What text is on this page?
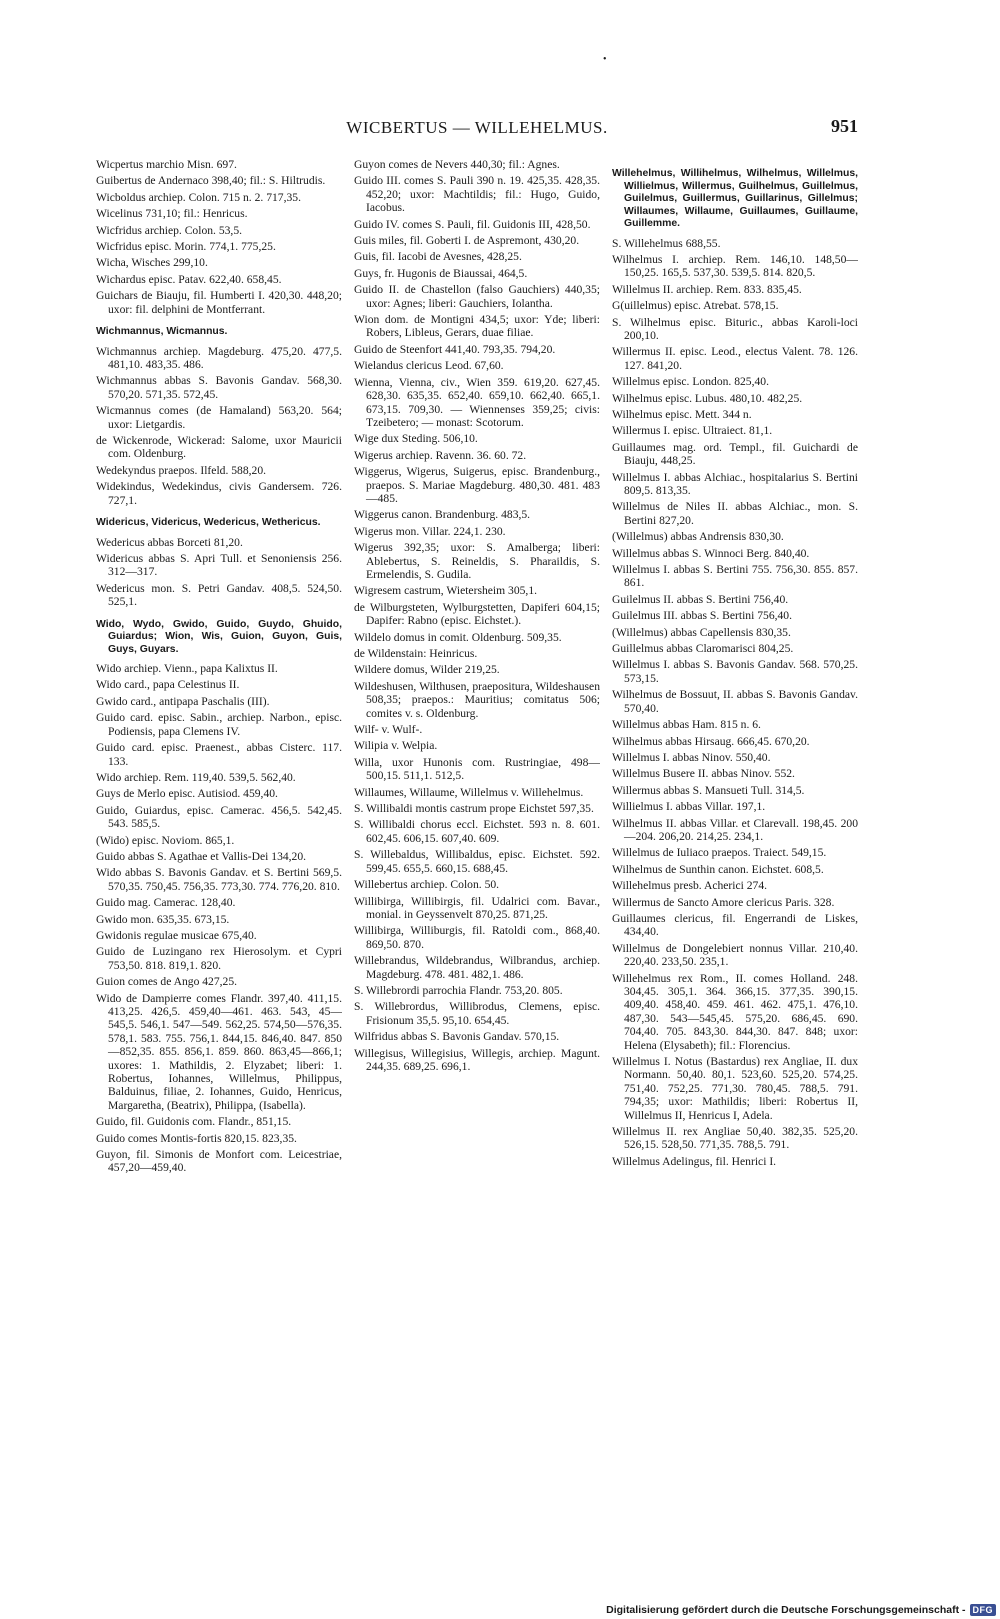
•
WICBERTUS — WILLEHELMUS.	951
Wicpertus marchio Misn. 697.
Guibertus de Andernaco 398,40; fil.: S. Hiltrudis.
Wicboldus archiep. Colon. 715 n. 2. 717,35.
Wicelinus 731,10; fil.: Henricus.
Wicfridus archiep. Colon. 53,5.
Wicfridus episc. Morin. 774,1. 775,25.
Wicha, Wisches 299,10.
Wichardus episc. Patav. 622,40. 658,45.
Guichars de Biauju, fil. Humberti I. 420,30. 448,20; uxor: fil. delphini de Montferrant.
Wichmannus, Wicmannus.
Wichmannus archiep. Magdeburg. 475,20. 477,5. 481,10. 483,35. 486.
Wichmannus abbas S. Bavonis Gandav. 568,30. 570,20. 571,35. 572,45.
Wicmannus comes (de Hamaland) 563,20. 564; uxor: Lietgardis.
de Wickenrode, Wickerad: Salome, uxor Mauricii com. Oldenburg.
Wedekyndus praepos. Ilfeld. 588,20.
Widekindus, Wedekindus, civis Gandersem. 726. 727,1.
Widericus, Videricus, Wedericus, Wethericus.
Wedericus abbas Borceti 81,20.
Widericus abbas S. Apri Tull. et Senoniensis 256. 312—317.
Wedericus mon. S. Petri Gandav. 408,5. 524,50. 525,1.
Wido, Wydo, Gwido, Guido, Guydo, Ghuido, Guiardus; Wion, Wis, Guion, Guyon, Guis, Guys, Guyars.
Wido archiep. Vienn., papa Kalixtus II.
Wido card., papa Celestinus II.
Gwido card., antipapa Paschalis (III).
Guido card. episc. Sabin., archiep. Narbon., episc. Podiensis, papa Clemens IV.
Guido card. episc. Praenest., abbas Cisterc. 117. 133.
Wido archiep. Rem. 119,40. 539,5. 562,40.
Guys de Merlo episc. Autisiod. 459,40.
Guido, Guiardus, episc. Camerac. 456,5. 542,45. 543. 585,5.
(Wido) episc. Noviom. 865,1.
Guido abbas S. Agathae et Vallis-Dei 134,20.
Wido abbas S. Bavonis Gandav. et S. Bertini 569,5. 570,35. 750,45. 756,35. 773,30. 774. 776,20. 810.
Guido mag. Camerac. 128,40.
Gwido mon. 635,35. 673,15.
Gwidonis regulae musicae 675,40.
Guido de Luzingano rex Hierosolym. et Cypri 753,50. 818. 819,1. 820.
Guion comes de Ango 427,25.
Wido de Dampierre comes Flandr. 397,40. 411,15. 413,25. 426,5. 459,40—461. 463. 543, 45—545,5. 546,1. 547—549. 562,25. 574,50—576,35. 578,1. 583. 755. 756,1. 844,15. 846,40. 847. 850—852,35. 855. 856,1. 859. 860. 863,45—866,1; uxores: 1. Mathildis, 2. Elyzabet; liberi: 1. Robertus, Iohannes, Willelmus, Philippus, Balduinus, filiae, 2. Iohannes, Guido, Henricus, Margaretha, (Beatrix), Philippa, (Isabella).
Guido, fil. Guidonis com. Flandr., 851,15.
Guido comes Montis-fortis 820,15. 823,35.
Guyon, fil. Simonis de Monfort com. Leicestriae, 457,20—459,40.
Guyon comes de Nevers 440,30; fil.: Agnes.
Guido III. comes S. Pauli 390 n. 19. 425,35. 428,35. 452,20; uxor: Machtildis; fil.: Hugo, Guido, Iacobus.
Guido IV. comes S. Pauli, fil. Guidonis III, 428,50.
Guis miles, fil. Goberti I. de Aspremont, 430,20.
Guis, fil. Iacobi de Avesnes, 428,25.
Guys, fr. Hugonis de Biaussai, 464,5.
Guido II. de Chastellon (falso Gauchiers) 440,35; uxor: Agnes; liberi: Gauchiers, Iolantha.
Wion dom. de Montigni 434,5; uxor: Yde; liberi: Robers, Libleus, Gerars, duae filiae.
Guido de Steenfort 441,40. 793,35. 794,20.
Wielandus clericus Leod. 67,60.
Wienna, Vienna, civ., Wien 359. 619,20. 627,45. 628,30. 635,35. 652,40. 659,10. 662,40. 665,1. 673,15. 709,30. — Wiennenses 359,25; civis: Tzeibetero; — monast: Scotorum.
Wige dux Steding. 506,10.
Wigerus archiep. Ravenn. 36. 60. 72.
Wiggerus, Wigerus, Suigerus, episc. Brandenburg., praepos. S. Mariae Magdeburg. 480,30. 481. 483—485.
Wiggerus canon. Brandenburg. 483,5.
Wigerus mon. Villar. 224,1. 230.
Wigerus 392,35; uxor: S. Amalberga; liberi: Ablebertus, S. Reineldis, S. Pharaildis, S. Ermelendis, S. Gudila.
Wigresem castrum, Wietersheim 305,1.
de Wilburgsteten, Wylburgstetten, Dapiferi 604,15; Dapifer: Rabno (episc. Eichstet.).
Wildelo domus in comit. Oldenburg. 509,35.
de Wildenstain: Heinricus.
Wildere domus, Wilder 219,25.
Wildeshusen, Wilthusen, praepositura, Wildeshausen 508,35; praepos.: Mauritius; comitatus 506; comites v. s. Oldenburg.
Wilf- v. Wulf-.
Wilipia v. Welpia.
Willa, uxor Hunonis com. Rustringiae, 498—500,15. 511,1. 512,5.
Willaumes, Willaume, Willelmus v. Willehelmus.
S. Willibaldi montis castrum prope Eichstet 597,35.
S. Willibaldi chorus eccl. Eichstet. 593 n. 8. 601. 602,45. 606,15. 607,40. 609.
S. Willebaldus, Willibaldus, episc. Eichstet. 592. 599,45. 655,5. 660,15. 688,45.
Willebertus archiep. Colon. 50.
Willibirga, Willibirgis, fil. Udalrici com. Bavar., monial. in Geyssenvelt 870,25. 871,25.
Willibirga, Williburgis, fil. Ratoldi com., 868,40. 869,50. 870.
Willebrandus, Wildebrandus, Wilbrandus, archiep. Magdeburg. 478. 481. 482,1. 486.
S. Willebrordi parrochia Flandr. 753,20. 805.
S. Willebrordus, Willibrodus, Clemens, episc. Frisionum 35,5. 95,10. 654,45.
Wilfridus abbas S. Bavonis Gandav. 570,15.
Willegisus, Willegisius, Willegis, archiep. Magunt. 244,35. 689,25. 696,1.
Willehelmus, Willihelmus, Wilhelmus, Willelmus, Willielmus, Willermus, Guilhelmus, Guillelmus, Guilelmus, Guillermus, Guillarinus, Gillelmus; Willaumes, Willaume, Guillaumes, Guillaume, Guillemme.
S. Willehelmus 688,55.
Wilhelmus I. archiep. Rem. 146,10. 148,50—150,25. 165,5. 537,30. 539,5. 814. 820,5.
Willelmus II. archiep. Rem. 833. 835,45.
G(uillelmus) episc. Atrebat. 578,15.
S. Wilhelmus episc. Bituric., abbas Karoli-loci 200,10.
Willermus II. episc. Leod., electus Valent. 78. 126. 127. 841,20.
Willelmus episc. London. 825,40.
Wilhelmus episc. Lubus. 480,10. 482,25.
Wilhelmus episc. Mett. 344 n.
Willermus I. episc. Ultraiect. 81,1.
Guillaumes mag. ord. Templ., fil. Guichardi de Biauju, 448,25.
Willelmus I. abbas Alchiac., hospitalarius S. Bertini 809,5. 813,35.
Willelmus de Niles II. abbas Alchiac., mon. S. Bertini 827,20.
(Willelmus) abbas Andrensis 830,30.
Willelmus abbas S. Winnoci Berg. 840,40.
Willelmus I. abbas S. Bertini 755. 756,30. 855. 857. 861.
Guilelmus II. abbas S. Bertini 756,40.
Guilelmus III. abbas S. Bertini 756,40.
(Willelmus) abbas Capellensis 830,35.
Guillelmus abbas Claromarisci 804,25.
Willelmus I. abbas S. Bavonis Gandav. 568. 570,25. 573,15.
Wilhelmus de Bossuut, II. abbas S. Bavonis Gandav. 570,40.
Willelmus abbas Ham. 815 n. 6.
Wilhelmus abbas Hirsaug. 666,45. 670,20.
Willelmus I. abbas Ninov. 550,40.
Willelmus Busere II. abbas Ninov. 552.
Willermus abbas S. Mansueti Tull. 314,5.
Willielmus I. abbas Villar. 197,1.
Wilhelmus II. abbas Villar. et Clarevall. 198,45. 200—204. 206,20. 214,25. 234,1.
Willelmus de Iuliaco praepos. Traiect. 549,15.
Wilhelmus de Sunthin canon. Eichstet. 608,5.
Willehelmus presb. Acherici 274.
Willermus de Sancto Amore clericus Paris. 328.
Guillaumes clericus, fil. Engerrandi de Liskes, 434,40.
Willelmus de Dongelebiert nonnus Villar. 210,40. 220,40. 233,50. 235,1.
Willehelmus rex Rom., II. comes Holland. 248. 304,45. 305,1. 364. 366,15. 377,35. 390,15. 409,40. 458,40. 459. 461. 462. 475,1. 476,10. 487,30. 543—545,45. 575,20. 686,45. 690. 704,40. 705. 843,30. 844,30. 847. 848; uxor: Helena (Elysabeth); fil.: Florencius.
Willelmus I. Notus (Bastardus) rex Angliae, II. dux Normann. 50,40. 80,1. 523,60. 525,20. 574,25. 751,40. 752,25. 771,30. 780,45. 788,5. 791. 794,35; uxor: Mathildis; liberi: Robertus II, Willelmus II, Henricus I, Adela.
Willelmus II. rex Angliae 50,40. 382,35. 525,20. 526,15. 528,50. 771,35. 788,5. 791.
Willelmus Adelingus, fil. Henrici I.
Digitalisierung gefördert durch die Deutsche Forschungsgemeinschaft - DFG
